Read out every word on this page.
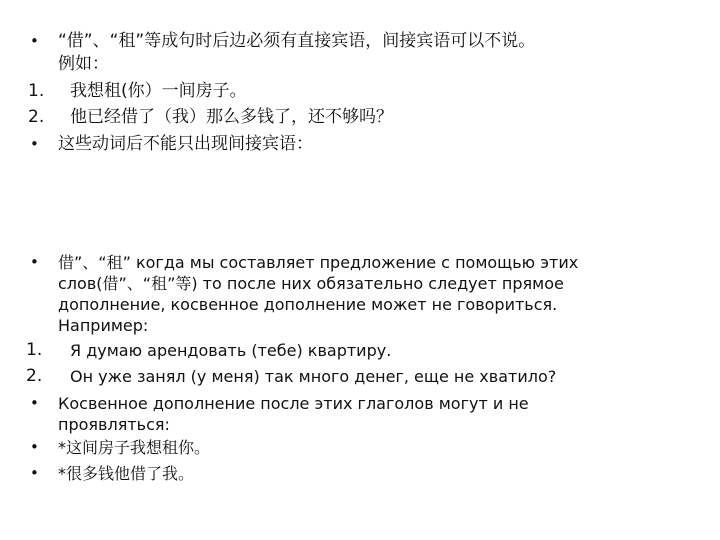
•	“借”、“租”等成句时后边必须有直接宾语，间接宾语可以不说。
例如：
1.	我想租(你）一间房子。
2.	他已经借了（我）那么多钱了，还不够吗？
•	这些动词后不能只出现间接宾语：
•	借”、“租” когда мы составляет предложение с помощью этих
слов(借”、“租”等) то после них обязательно следует прямое
дополнение, косвенное дополнение может не говориться.
Например:
1.	Я думаю арендовать (тебе) квартиру.
2.	Он уже занял (у меня) так много денег, еще не хватило?
•	Косвенное дополнение после этих глаголов могут и не
проявляться:
•	*这间房子我想租你。
•	*很多钱他借了我。
